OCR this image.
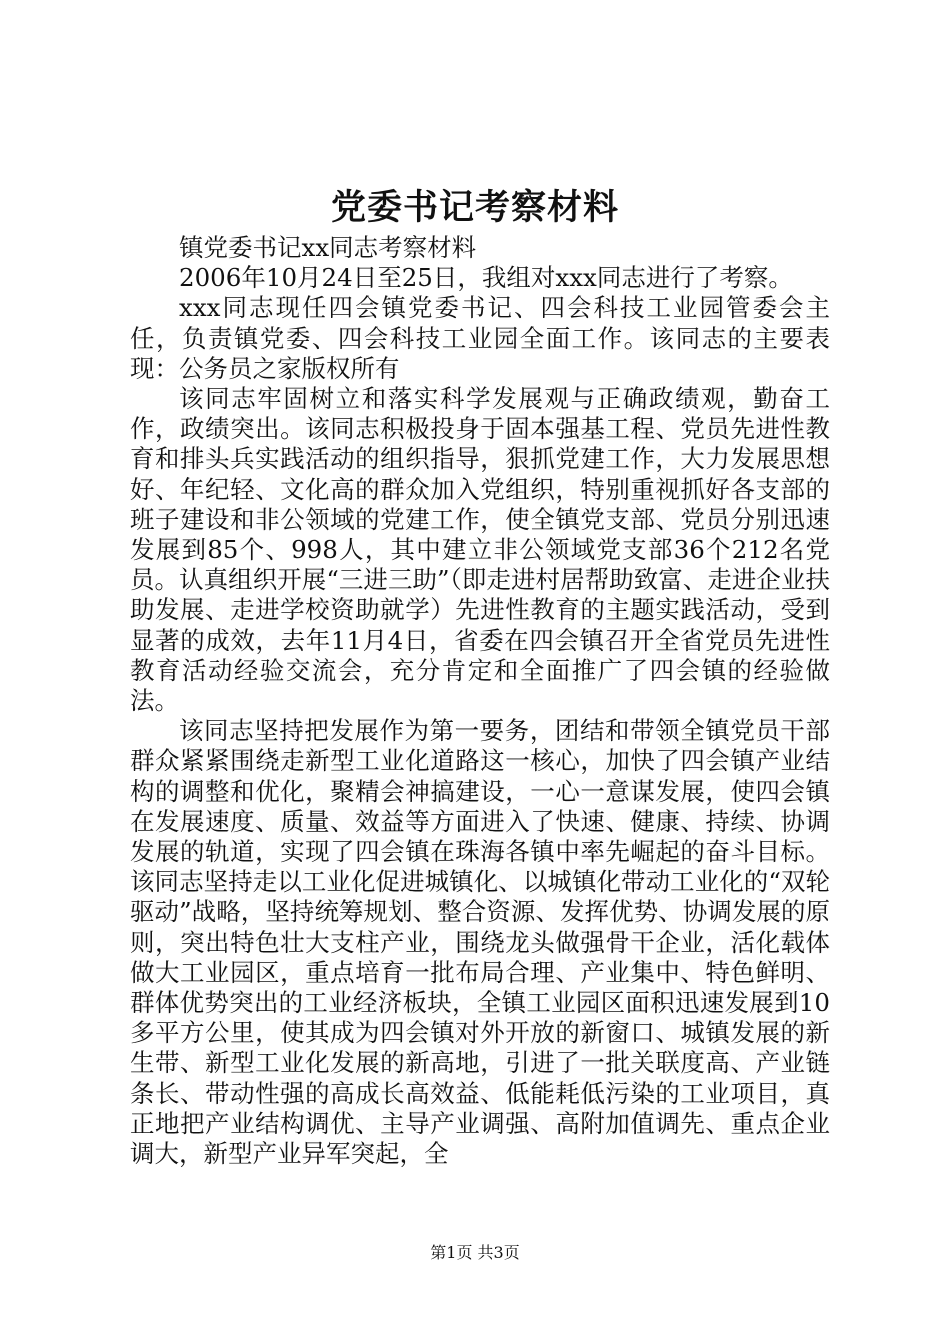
党委书记考察材料

镇党委书记xx同志考察材料

2006年10月24日至25日，我组对xxx同志进行了考察。

xxx同志现任四会镇党委书记、四会科技工业园管委会主任，负责镇党委、四会科技工业园全面工作。该同志的主要表现：公务员之家版权所有

该同志牢固树立和落实科学发展观与正确政绩观，勤奋工作，政绩突出。该同志积极投身于固本强基工程、党员先进性教育和排头兵实践活动的组织指导，狠抓党建工作，大力发展思想好、年纪轻、文化高的群众加入党组织，特别重视抓好各支部的班子建设和非公领域的党建工作，使全镇党支部、党员分别迅速发展到85个、998人，其中建立非公领域党支部36个212名党员。认真组织开展“三进三助”（即走进村居帮助致富、走进企业扶助发展、走进学校资助就学）先进性教育的主题实践活动，受到显著的成效，去年11月4日，省委在四会镇召开全省党员先进性教育活动经验交流会，充分肯定和全面推广了四会镇的经验做法。

该同志坚持把发展作为第一要务，团结和带领全镇党员干部群众紧紧围绕走新型工业化道路这一核心，加快了四会镇产业结构的调整和优化，聚精会神搞建设，一心一意谋发展，使四会镇在发展速度、质量、效益等方面进入了快速、健康、持续、协调发展的轨道，实现了四会镇在珠海各镇中率先崛起的奋斗目标。该同志坚持走以工业化促进城镇化、以城镇化带动工业化的“双轮驱动”战略，坚持统筹规划、整合资源、发挥优势、协调发展的原则，突出特色壮大支柱产业，围绕龙头做强骨干企业，活化载体做大工业园区，重点培育一批布局合理、产业集中、特色鲜明、群体优势突出的工业经济板块，全镇工业园区面积迅速发展到10多平方公里，使其成为四会镇对外开放的新窗口、城镇发展的新生带、新型工业化发展的新高地，引进了一批关联度高、产业链条长、带动性强的高成长高效益、低能耗低污染的工业项目，真正地把产业结构调优、主导产业调强、高附加值调先、重点企业调大，新型产业异军突起，全

第1页 共3页
